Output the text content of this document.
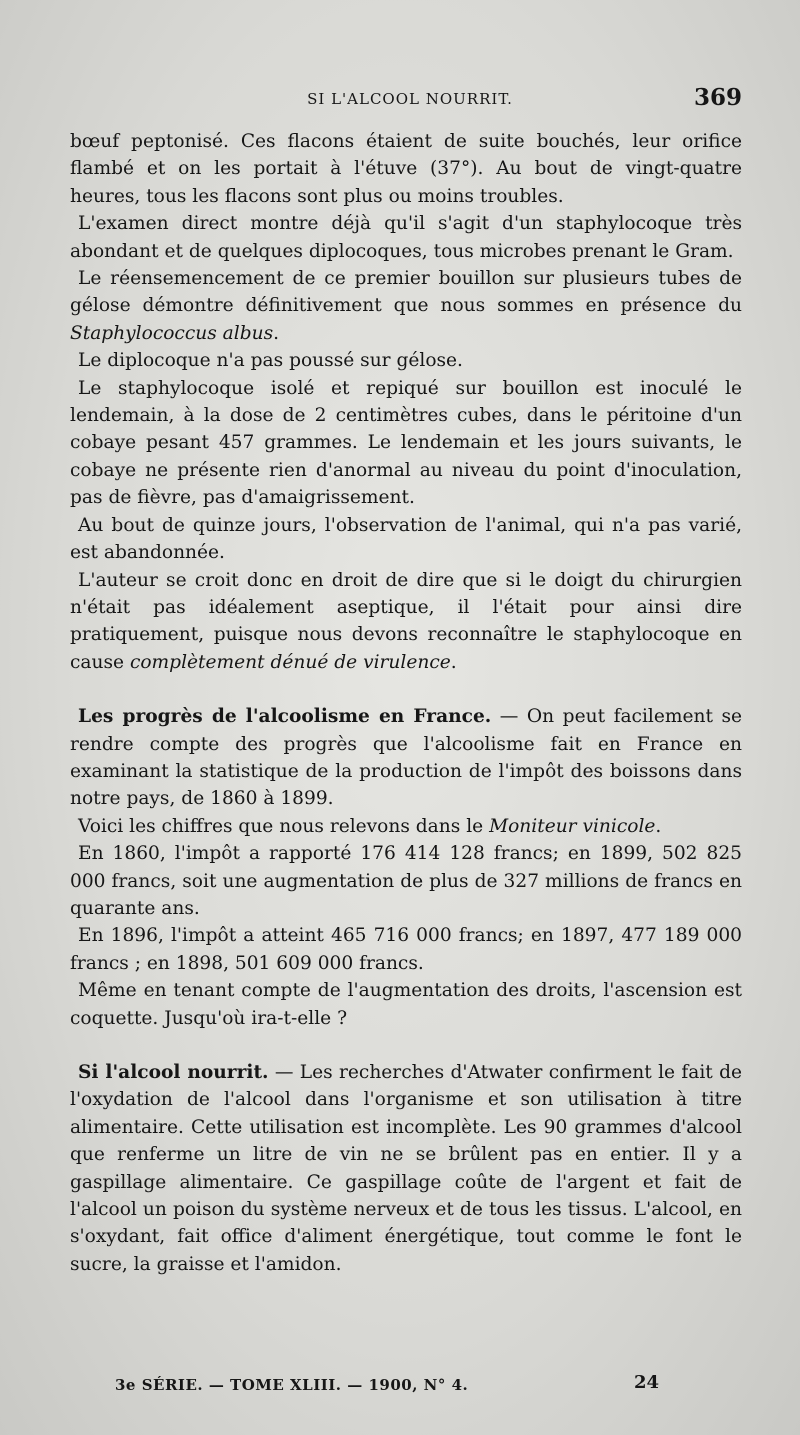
SI L'ALCOOL NOURRIT.	369

bœuf peptonisé. Ces flacons étaient de suite bouchés, leur orifice flambé et on les portait à l'étuve (37°). Au bout de vingt-quatre heures, tous les flacons sont plus ou moins troubles.

L'examen direct montre déjà qu'il s'agit d'un staphylocoque très abondant et de quelques diplocoques, tous microbes prenant le Gram.

Le réensemencement de ce premier bouillon sur plusieurs tubes de gélose démontre définitivement que nous sommes en présence du Staphylococcus albus.

Le diplocoque n'a pas poussé sur gélose.

Le staphylocoque isolé et repiqué sur bouillon est inoculé le lendemain, à la dose de 2 centimètres cubes, dans le péritoine d'un cobaye pesant 457 grammes. Le lendemain et les jours suivants, le cobaye ne présente rien d'anormal au niveau du point d'inoculation, pas de fièvre, pas d'amaigrissement.

Au bout de quinze jours, l'observation de l'animal, qui n'a pas varié, est abandonnée.

L'auteur se croit donc en droit de dire que si le doigt du chirurgien n'était pas idéalement aseptique, il l'était pour ainsi dire pratiquement, puisque nous devons reconnaître le staphylocoque en cause complètement dénué de virulence.

Les progrès de l'alcoolisme en France. — On peut facilement se rendre compte des progrès que l'alcoolisme fait en France en examinant la statistique de la production de l'impôt des boissons dans notre pays, de 1860 à 1899.

Voici les chiffres que nous relevons dans le Moniteur vinicole.

En 1860, l'impôt a rapporté 176 414 128 francs; en 1899, 502 825 000 francs, soit une augmentation de plus de 327 millions de francs en quarante ans.

En 1896, l'impôt a atteint 465 716 000 francs; en 1897, 477 189 000 francs ; en 1898, 501 609 000 francs.

Même en tenant compte de l'augmentation des droits, l'ascension est coquette. Jusqu'où ira-t-elle ?

Si l'alcool nourrit. — Les recherches d'Atwater confirment le fait de l'oxydation de l'alcool dans l'organisme et son utilisation à titre alimentaire. Cette utilisation est incomplète. Les 90 grammes d'alcool que renferme un litre de vin ne se brûlent pas en entier. Il y a gaspillage alimentaire. Ce gaspillage coûte de l'argent et fait de l'alcool un poison du système nerveux et de tous les tissus. L'alcool, en s'oxydant, fait office d'aliment énergétique, tout comme le font le sucre, la graisse et l'amidon.

3e SÉRIE. — TOME XLIII. — 1900, N° 4.	24
